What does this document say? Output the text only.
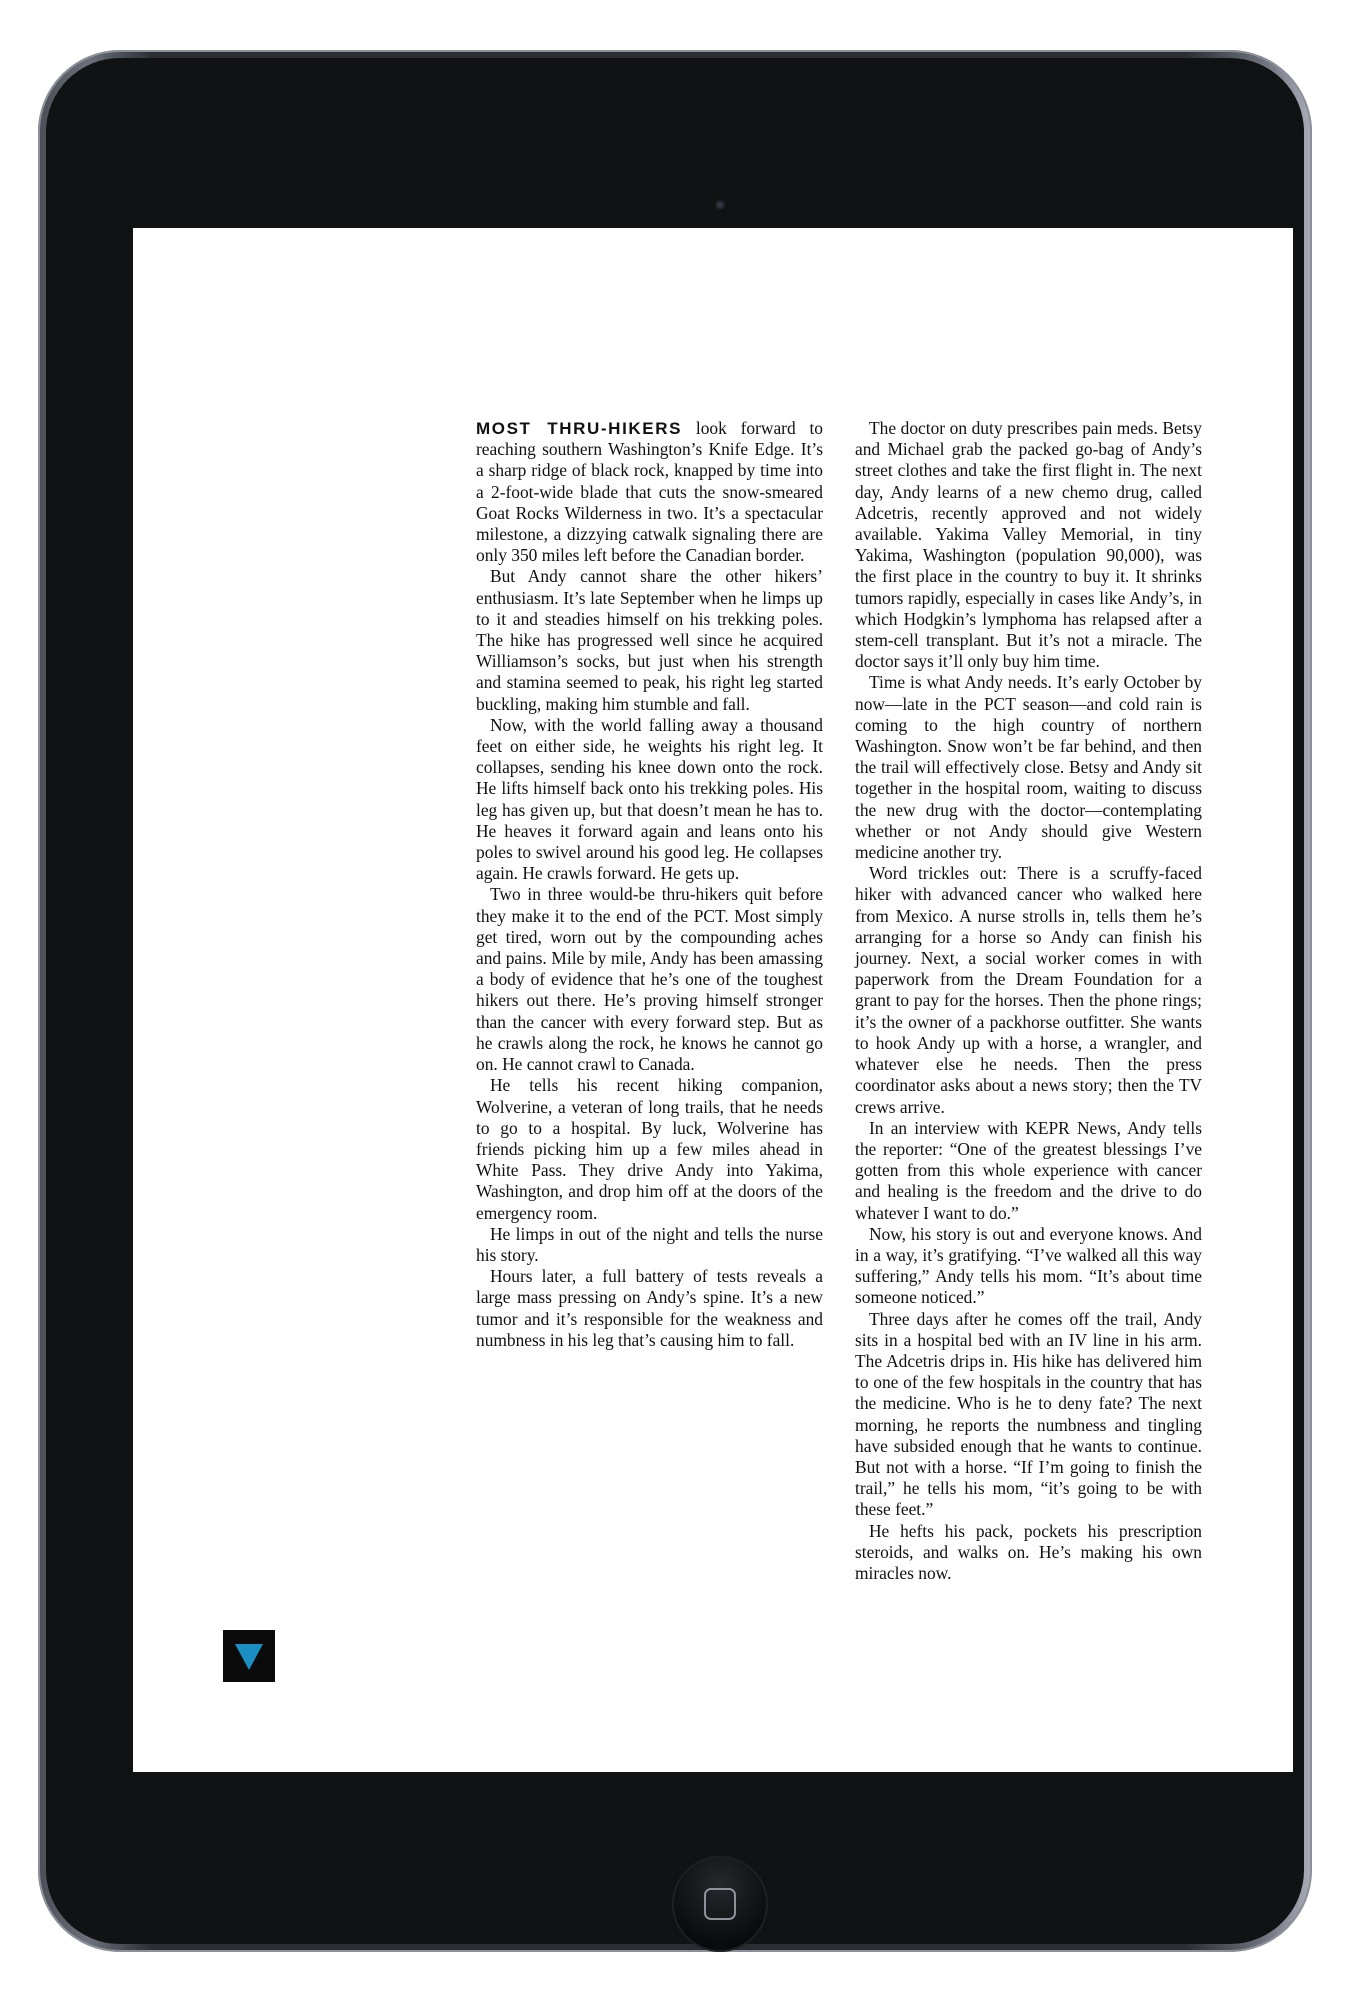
MOST THRU-HIKERS look forward to reaching southern Washington’s Knife Edge. It’s a sharp ridge of black rock, knapped by time into a 2-foot-wide blade that cuts the snow-smeared Goat Rocks Wilderness in two. It’s a spectacular milestone, a dizzying catwalk signaling there are only 350 miles left before the Canadian border.

But Andy cannot share the other hikers’ enthusiasm. It’s late September when he limps up to it and steadies himself on his trekking poles. The hike has progressed well since he acquired Williamson’s socks, but just when his strength and stamina seemed to peak, his right leg started buckling, making him stumble and fall.

Now, with the world falling away a thousand feet on either side, he weights his right leg. It collapses, sending his knee down onto the rock. He lifts himself back onto his trekking poles. His leg has given up, but that doesn’t mean he has to. He heaves it forward again and leans onto his poles to swivel around his good leg. He collapses again. He crawls forward. He gets up.

Two in three would-be thru-hikers quit before they make it to the end of the PCT. Most simply get tired, worn out by the compounding aches and pains. Mile by mile, Andy has been amassing a body of evidence that he’s one of the toughest hikers out there. He’s proving himself stronger than the cancer with every forward step. But as he crawls along the rock, he knows he cannot go on. He cannot crawl to Canada.

He tells his recent hiking companion, Wolverine, a veteran of long trails, that he needs to go to a hospital. By luck, Wolverine has friends picking him up a few miles ahead in White Pass. They drive Andy into Yakima, Washington, and drop him off at the doors of the emergency room.

He limps in out of the night and tells the nurse his story.

Hours later, a full battery of tests reveals a large mass pressing on Andy’s spine. It’s a new tumor and it’s responsible for the weakness and numbness in his leg that’s causing him to fall.

The doctor on duty prescribes pain meds. Betsy and Michael grab the packed go-bag of Andy’s street clothes and take the first flight in. The next day, Andy learns of a new chemo drug, called Adcetris, recently approved and not widely available. Yakima Valley Memorial, in tiny Yakima, Washington (population 90,000), was the first place in the country to buy it. It shrinks tumors rapidly, especially in cases like Andy’s, in which Hodgkin’s lymphoma has relapsed after a stem-cell transplant. But it’s not a miracle. The doctor says it’ll only buy him time.

Time is what Andy needs. It’s early October by now—late in the PCT season—and cold rain is coming to the high country of northern Washington. Snow won’t be far behind, and then the trail will effectively close. Betsy and Andy sit together in the hospital room, waiting to discuss the new drug with the doctor—contemplating whether or not Andy should give Western medicine another try.

Word trickles out: There is a scruffy-faced hiker with advanced cancer who walked here from Mexico. A nurse strolls in, tells them he’s arranging for a horse so Andy can finish his journey. Next, a social worker comes in with paperwork from the Dream Foundation for a grant to pay for the horses. Then the phone rings; it’s the owner of a packhorse outfitter. She wants to hook Andy up with a horse, a wrangler, and whatever else he needs. Then the press coordinator asks about a news story; then the TV crews arrive.

In an interview with KEPR News, Andy tells the reporter: “One of the greatest blessings I’ve gotten from this whole experience with cancer and healing is the freedom and the drive to do whatever I want to do.”

Now, his story is out and everyone knows. And in a way, it’s gratifying. “I’ve walked all this way suffering,” Andy tells his mom. “It’s about time someone noticed.”

Three days after he comes off the trail, Andy sits in a hospital bed with an IV line in his arm. The Adcetris drips in. His hike has delivered him to one of the few hospitals in the country that has the medicine. Who is he to deny fate? The next morning, he reports the numbness and tingling have subsided enough that he wants to continue. But not with a horse. “If I’m going to finish the trail,” he tells his mom, “it’s going to be with these feet.”

He hefts his pack, pockets his prescription steroids, and walks on. He’s making his own miracles now.
